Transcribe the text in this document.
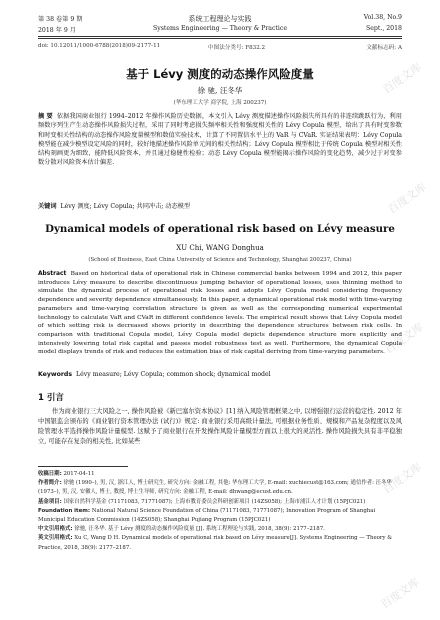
百度文库
百度文库
百度文库
百度文库
百度文库
第 38 卷第 9 期	系统工程理论与实践	Vol.38, No.9
2018 年 9 月	Systems Engineering — Theory & Practice	Sept., 2018
doi: 10.12011/1000-6788(2018)09-2177-11	中图法分类号: F832.2	文献标志码: A
基于 Lévy 测度的动态操作风险度量
徐 驰, 汪冬华
(华东理工大学 商学院, 上海 200237)
摘 要 依据我国商业银行 1994–2012 年操作风险历史数据，本文引入 Lévy 测度描述操作风险损失所具有的非连续跳跃行为，利用频数序列生产生动态操作风险损失过程，采用了同时考虑损失频率相关性和强度相关性的 Lévy Copula 模型，给出了具有时变参数和时变相关性结构的动态操作风险度量模型和数值实验技术，计算了不同置信水平上的 VaR 与 CVaR. 实证结果表明：Lévy Copula 模型能在减少模型设定风险的同时，较好地描述操作风险单元间的相关性结构；Lévy Copula 模型相比于传统 Copula 模型对相关性结构刻画更为细致，能降低风险资本，并且通过稳健性检验；动态 Lévy Copula 模型能揭示操作风险的变化趋势，减少过于对变参数分散对风险资本估计偏差.
关键词 Lévy 测度; Lévy Copula; 共同冲击; 动态模型
Dynamical models of operational risk based on Lévy measure
XU Chi, WANG Donghua
(School of Business, East China University of Science and Technology, Shanghai 200237, China)
Abstract Based on historical data of operational risk in Chinese commercial banks between 1994 and 2012, this paper introduces Lévy measure to describe discontinuous jumping behavior of operational losses, uses thinning method to simulate the dynamical process of operational risk losses and adopts Lévy Copula model considering frequency dependence and severity dependence simultaneously. In this paper, a dynamical operational risk model with time-varying parameters and time-varying correlation structure is given as well as the corresponding numerical experimental technology to calculate VaR and CVaR in different confidence levels. The empirical result shows that Lévy Copula model of which setting risk is decreased shows priority in describing the dependence structures between risk cells. In comparison with traditional Copula model, Lévy Copula model depicts dependence structure more explicitly and intensively lowering total risk capital and passes model robustness test as well. Furthermore, the dynamical Copula model displays trends of risk and reduces the estimation bias of risk capital deriving from time-varying parameters.
Keywords Lévy measure; Lévy Copula; common shock; dynamical model
1 引言
作为商业银行三大风险之一, 操作风险被《新巴塞尔资本协议》[1] 纳入风险管理框架之中, 以增强银行运营的稳定性. 2012 年中国银监会颁布的《商业银行资本管理办法 (试行)》规定: 商业银行采用高级计量法, 可根据业务性质、规模和产品复杂程度以及风险管理水平选择操作风险计量模型. 这赋予了商业银行在开发操作风险计量模型方面以上很大的灵活性. 操作风险损失具有非平稳独立, 可能存在复杂的相关性, 比如某些

收稿日期: 2017-04-11

作者简介: 徐驰 (1990–), 男, 汉, 浙江人, 博士研究生, 研究方向: 金融工程, 其他: 华东理工大学, E-mail: xuchiecust@163.com; 通信作者: 汪冬华 (1973–), 男, 汉, 安徽人, 博士, 教授, 博士生导师, 研究方向: 金融工程, E-mail: dhwang@ecust.edu.cn.

基金项目: 国家自然科学基金 (71171083, 71771087); 上海市教育委员会科研创新项目 (14ZS058); 上海市浦江人才计划 (15PJC021)

Foundation item: National Natural Science Foundation of China (71171083, 71771087); Innovation Program of Shanghai Municipal Education Commission (14ZS058); Shanghai Pujiang Program (15PJC021)

中文引用格式: 徐驰, 汪冬华. 基于 Lévy 测度的动态操作风险度量 [J]. 系统工程理论与实践, 2018, 38(9): 2177–2187.

英文引用格式: Xu C, Wang D H. Dynamical models of operational risk based on Lévy measure[J]. Systems Engineering — Theory & Practice, 2018, 38(9): 2177–2187.
